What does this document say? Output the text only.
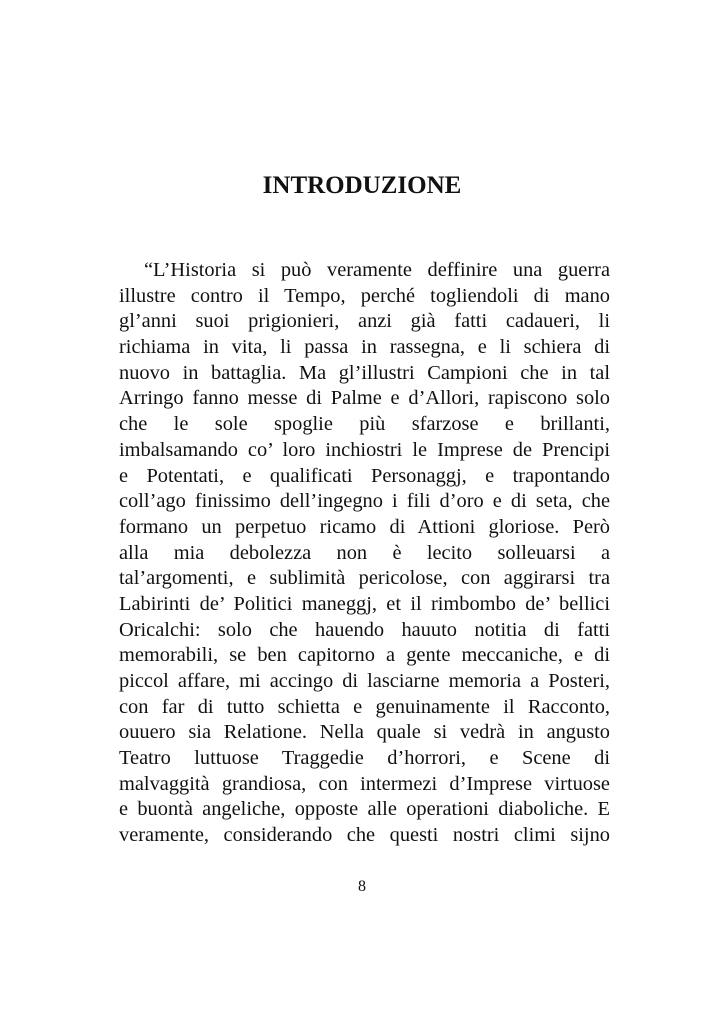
INTRODUZIONE
“L’Historia si può veramente deffinire una guerra
illustre contro il Tempo, perché togliendoli di mano
gl’anni suoi prigionieri, anzi già fatti cadaueri, li
richiama in vita, li passa in rassegna, e li schiera di
nuovo in battaglia. Ma gl’illustri Campioni che in tal
Arringo fanno messe di Palme e d’Allori, rapiscono solo
che le sole spoglie più sfarzose e brillanti,
imbalsamando co’ loro inchiostri le Imprese de Prencipi
e Potentati, e qualificati Personaggj, e trapontando
coll’ago finissimo dell’ingegno i fili d’oro e di seta, che
formano un perpetuo ricamo di Attioni gloriose. Però
alla mia debolezza non è lecito solleuarsi a
tal’argomenti, e sublimità pericolose, con aggirarsi tra
Labirinti de’ Politici maneggj, et il rimbombo de’ bellici
Oricalchi: solo che hauendo hauuto notitia di fatti
memorabili, se ben capitorno a gente meccaniche, e di
piccol affare, mi accingo di lasciarne memoria a Posteri,
con far di tutto schietta e genuinamente il Racconto,
ouuero sia Relatione. Nella quale si vedrà in angusto
Teatro luttuose Traggedie d’horrori, e Scene di
malvaggità grandiosa, con intermezi d’Imprese virtuose
e buontà angeliche, opposte alle operationi diaboliche. E
veramente, considerando che questi nostri climi sijno
8
